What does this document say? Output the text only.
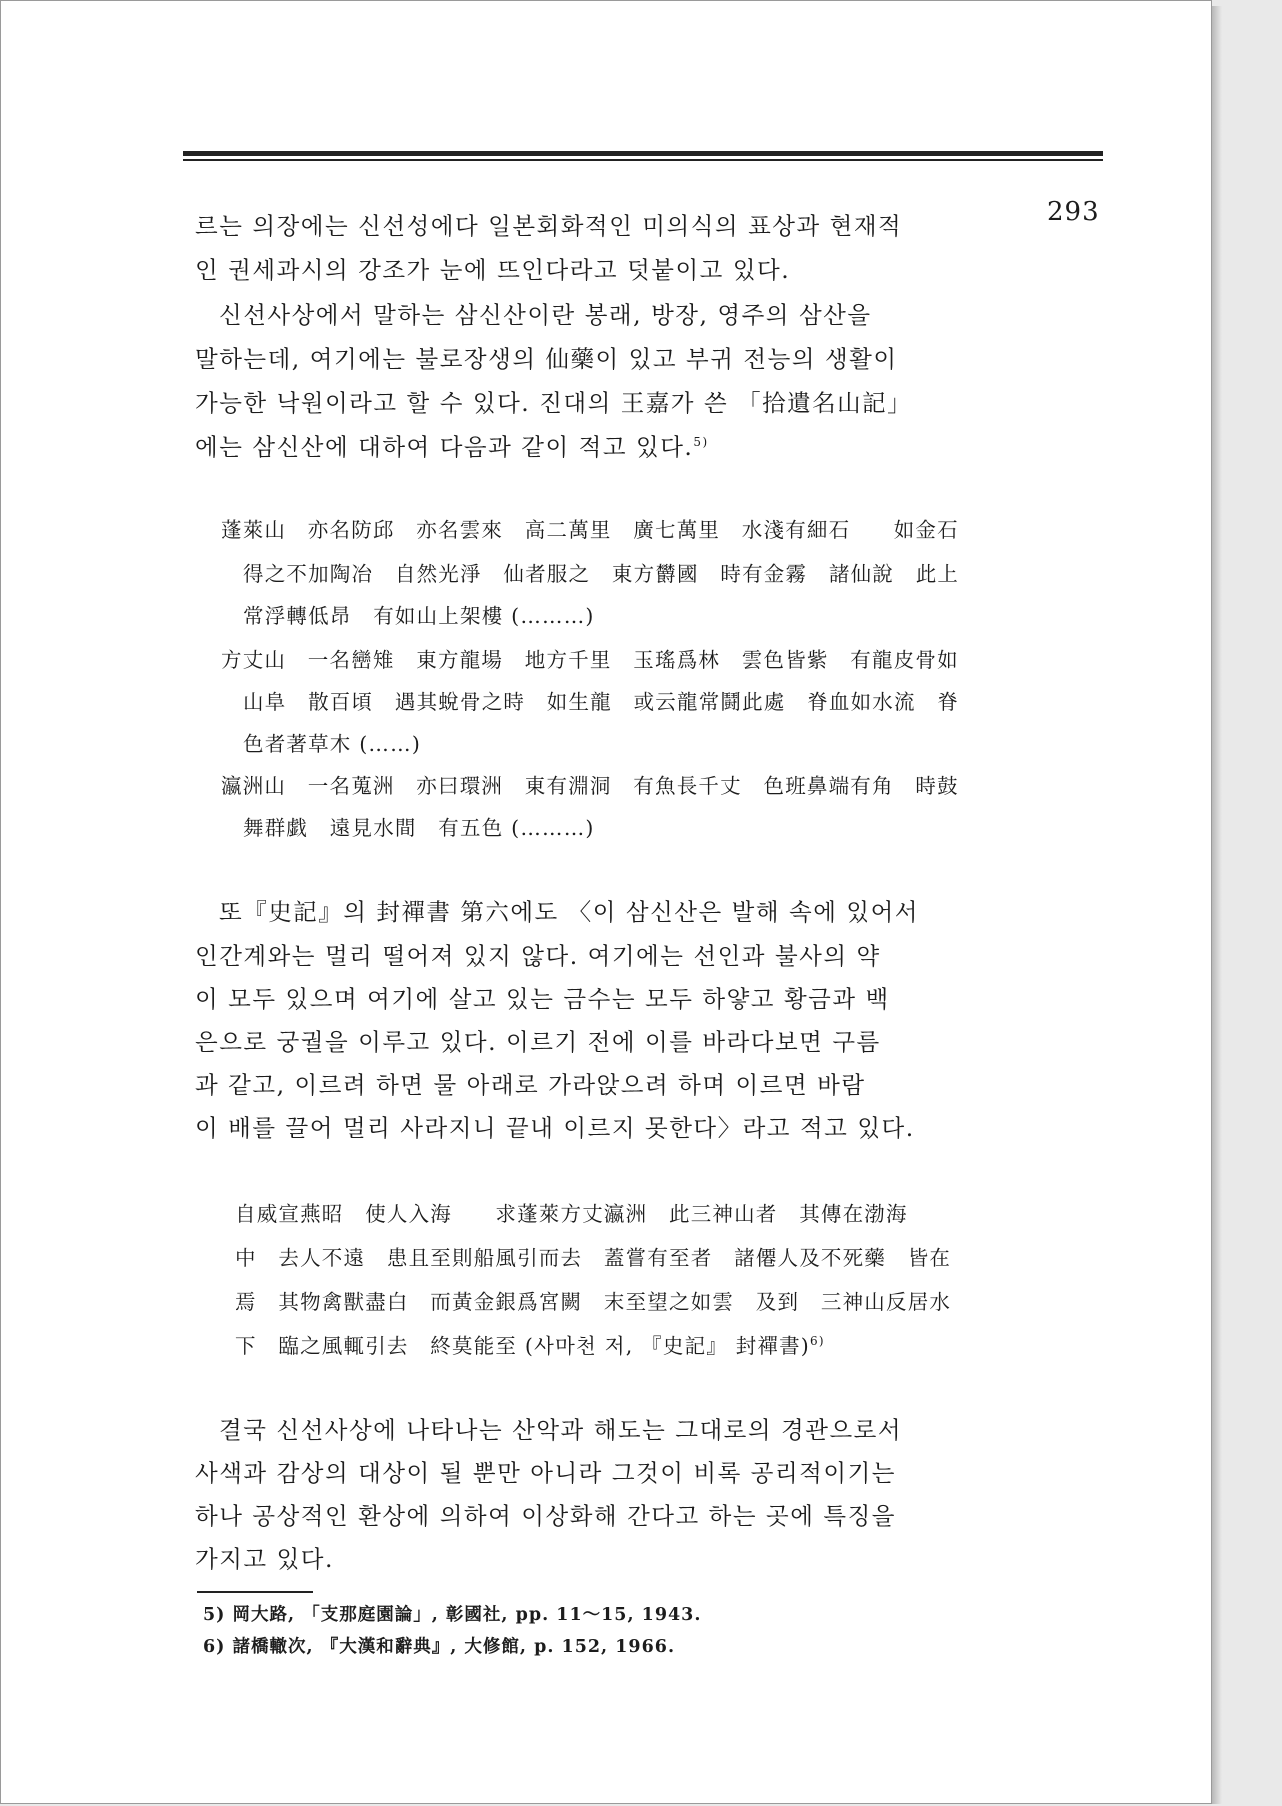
293
르는 의장에는 신선성에다 일본회화적인 미의식의 표상과 현재적
인 권세과시의 강조가 눈에 뜨인다라고 덧붙이고 있다.
신선사상에서 말하는 삼신산이란 봉래, 방장, 영주의 삼산을
말하는데, 여기에는 불로장생의 仙藥이 있고 부귀 전능의 생활이
가능한 낙원이라고 할 수 있다. 진대의 王嘉가 쓴 「拾遺名山記」
에는 삼신산에 대하여 다음과 같이 적고 있다.$^{5)}$
蓬萊山　亦名防邱　亦名雲來　高二萬里　廣七萬里　水淺有細石　　如金石
得之不加陶冶　自然光淨　仙者服之　東方欝國　時有金霧　諸仙說　此上
常浮轉低昂　有如山上架樓 (………)
方丈山　一名巒雉　東方龍場　地方千里　玉瑤爲林　雲色皆紫　有龍皮骨如
山阜　散百頃　遇其蛻骨之時　如生龍　或云龍常鬪此處　脊血如水流　脊
色者著草木 (……)
瀛洲山　一名蒐洲　亦曰環洲　東有淵洞　有魚長千丈　色班鼻端有角　時鼓
舞群戯　遠見水間　有五色 (………)
또『史記』의 封禪書 第六에도 〈이 삼신산은 발해 속에 있어서
인간계와는 멀리 떨어져 있지 않다. 여기에는 선인과 불사의 약
이 모두 있으며 여기에 살고 있는 금수는 모두 하얗고 황금과 백
은으로 궁궐을 이루고 있다. 이르기 전에 이를 바라다보면 구름
과 같고, 이르려 하면 물 아래로 가라앉으려 하며 이르면 바람
이 배를 끌어 멀리 사라지니 끝내 이르지 못한다〉라고 적고 있다.
自威宣燕昭　使人入海　　求蓬萊方丈瀛洲　此三神山者　其傳在渤海
中　去人不遠　患且至則船風引而去　蓋嘗有至者　諸僊人及不死藥　皆在
焉　其物禽獸盡白　而黃金銀爲宮闕　末至望之如雲　及到　三神山反居水
下　臨之風輒引去　終莫能至 (사마천 저, 『史記』 封禪書)$^{6)}$
결국 신선사상에 나타나는 산악과 해도는 그대로의 경관으로서
사색과 감상의 대상이 될 뿐만 아니라 그것이 비록 공리적이기는
하나 공상적인 환상에 의하여 이상화해 간다고 하는 곳에 특징을
가지고 있다.
5) 岡大路, 「支那庭園論」, 彰國社, pp. 11～15, 1943.
6) 諸橋轍次, 『大漢和辭典』, 大修館, p. 152, 1966.
